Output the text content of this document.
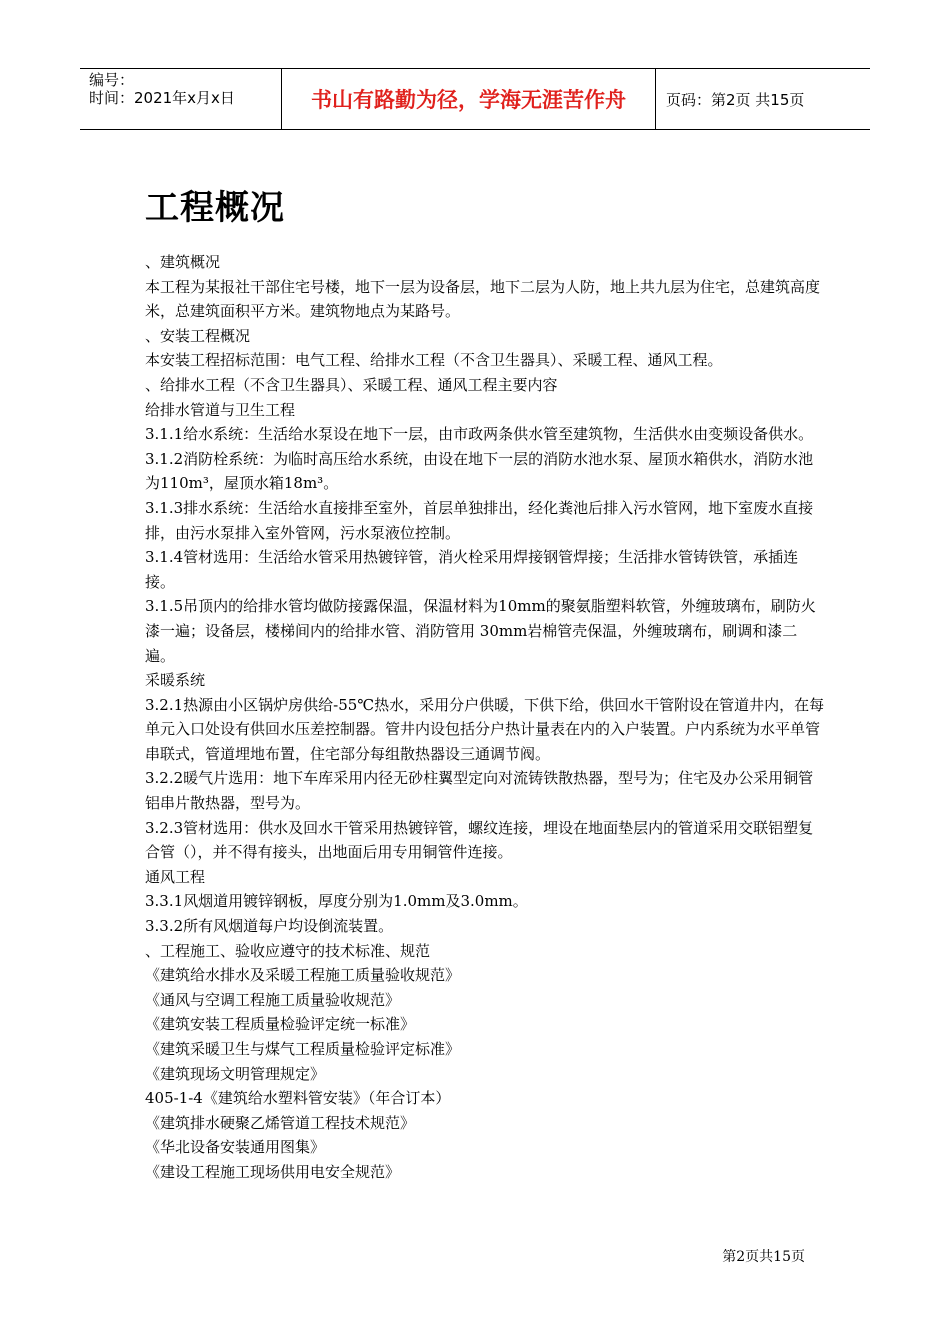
编号：
时间：2021年x月x日	书山有路勤为径，学海无涯苦作舟	页码：第2页 共15页
工程概况

、建筑概况

本工程为某报社干部住宅号楼，地下一层为设备层，地下二层为人防，地上共九层为住宅，总建筑高度米，总建筑面积平方米。建筑物地点为某路号。

、安装工程概况

本安装工程招标范围：电气工程、给排水工程（不含卫生器具）、采暖工程、通风工程。

、给排水工程（不含卫生器具）、采暖工程、通风工程主要内容

给排水管道与卫生工程

3.1.1给水系统：生活给水泵设在地下一层，由市政两条供水管至建筑物，生活供水由变频设备供水。

3.1.2消防栓系统：为临时高压给水系统，由设在地下一层的消防水池水泵、屋顶水箱供水，消防水池为110m³，屋顶水箱18m³。

3.1.3排水系统：生活给水直接排至室外，首层单独排出，经化粪池后排入污水管网，地下室废水直接排，由污水泵排入室外管网，污水泵液位控制。

3.1.4管材选用：生活给水管采用热镀锌管，消火栓采用焊接钢管焊接；生活排水管铸铁管，承插连接。

3.1.5吊顶内的给排水管均做防接露保温，保温材料为10mm的聚氨脂塑料软管，外缠玻璃布，刷防火漆一遍；设备层，楼梯间内的给排水管、消防管用 30mm岩棉管壳保温，外缠玻璃布，刷调和漆二遍。

采暖系统

3.2.1热源由小区锅炉房供给-55℃热水，采用分户供暖，下供下给，供回水干管附设在管道井内，在每单元入口处设有供回水压差控制器。管井内设包括分户热计量表在内的入户装置。户内系统为水平单管串联式，管道埋地布置，住宅部分每组散热器设三通调节阀。

3.2.2暖气片选用：地下车库采用内径无砂柱翼型定向对流铸铁散热器，型号为；住宅及办公采用铜管铝串片散热器，型号为。

3.2.3管材选用：供水及回水干管采用热镀锌管，螺纹连接，埋设在地面垫层内的管道采用交联铝塑复合管（），并不得有接头，出地面后用专用铜管件连接。

通风工程

3.3.1风烟道用镀锌钢板，厚度分别为1.0mm及3.0mm。

3.3.2所有风烟道每户均设倒流装置。

、工程施工、验收应遵守的技术标准、规范

《建筑给水排水及采暖工程施工质量验收规范》

《通风与空调工程施工质量验收规范》

《建筑安装工程质量检验评定统一标准》

《建筑采暖卫生与煤气工程质量检验评定标准》

《建筑现场文明管理规定》

405-1-4《建筑给水塑料管安装》（年合订本）

《建筑排水硬聚乙烯管道工程技术规范》

《华北设备安装通用图集》

《建设工程施工现场供用电安全规范》

第2页共15页
